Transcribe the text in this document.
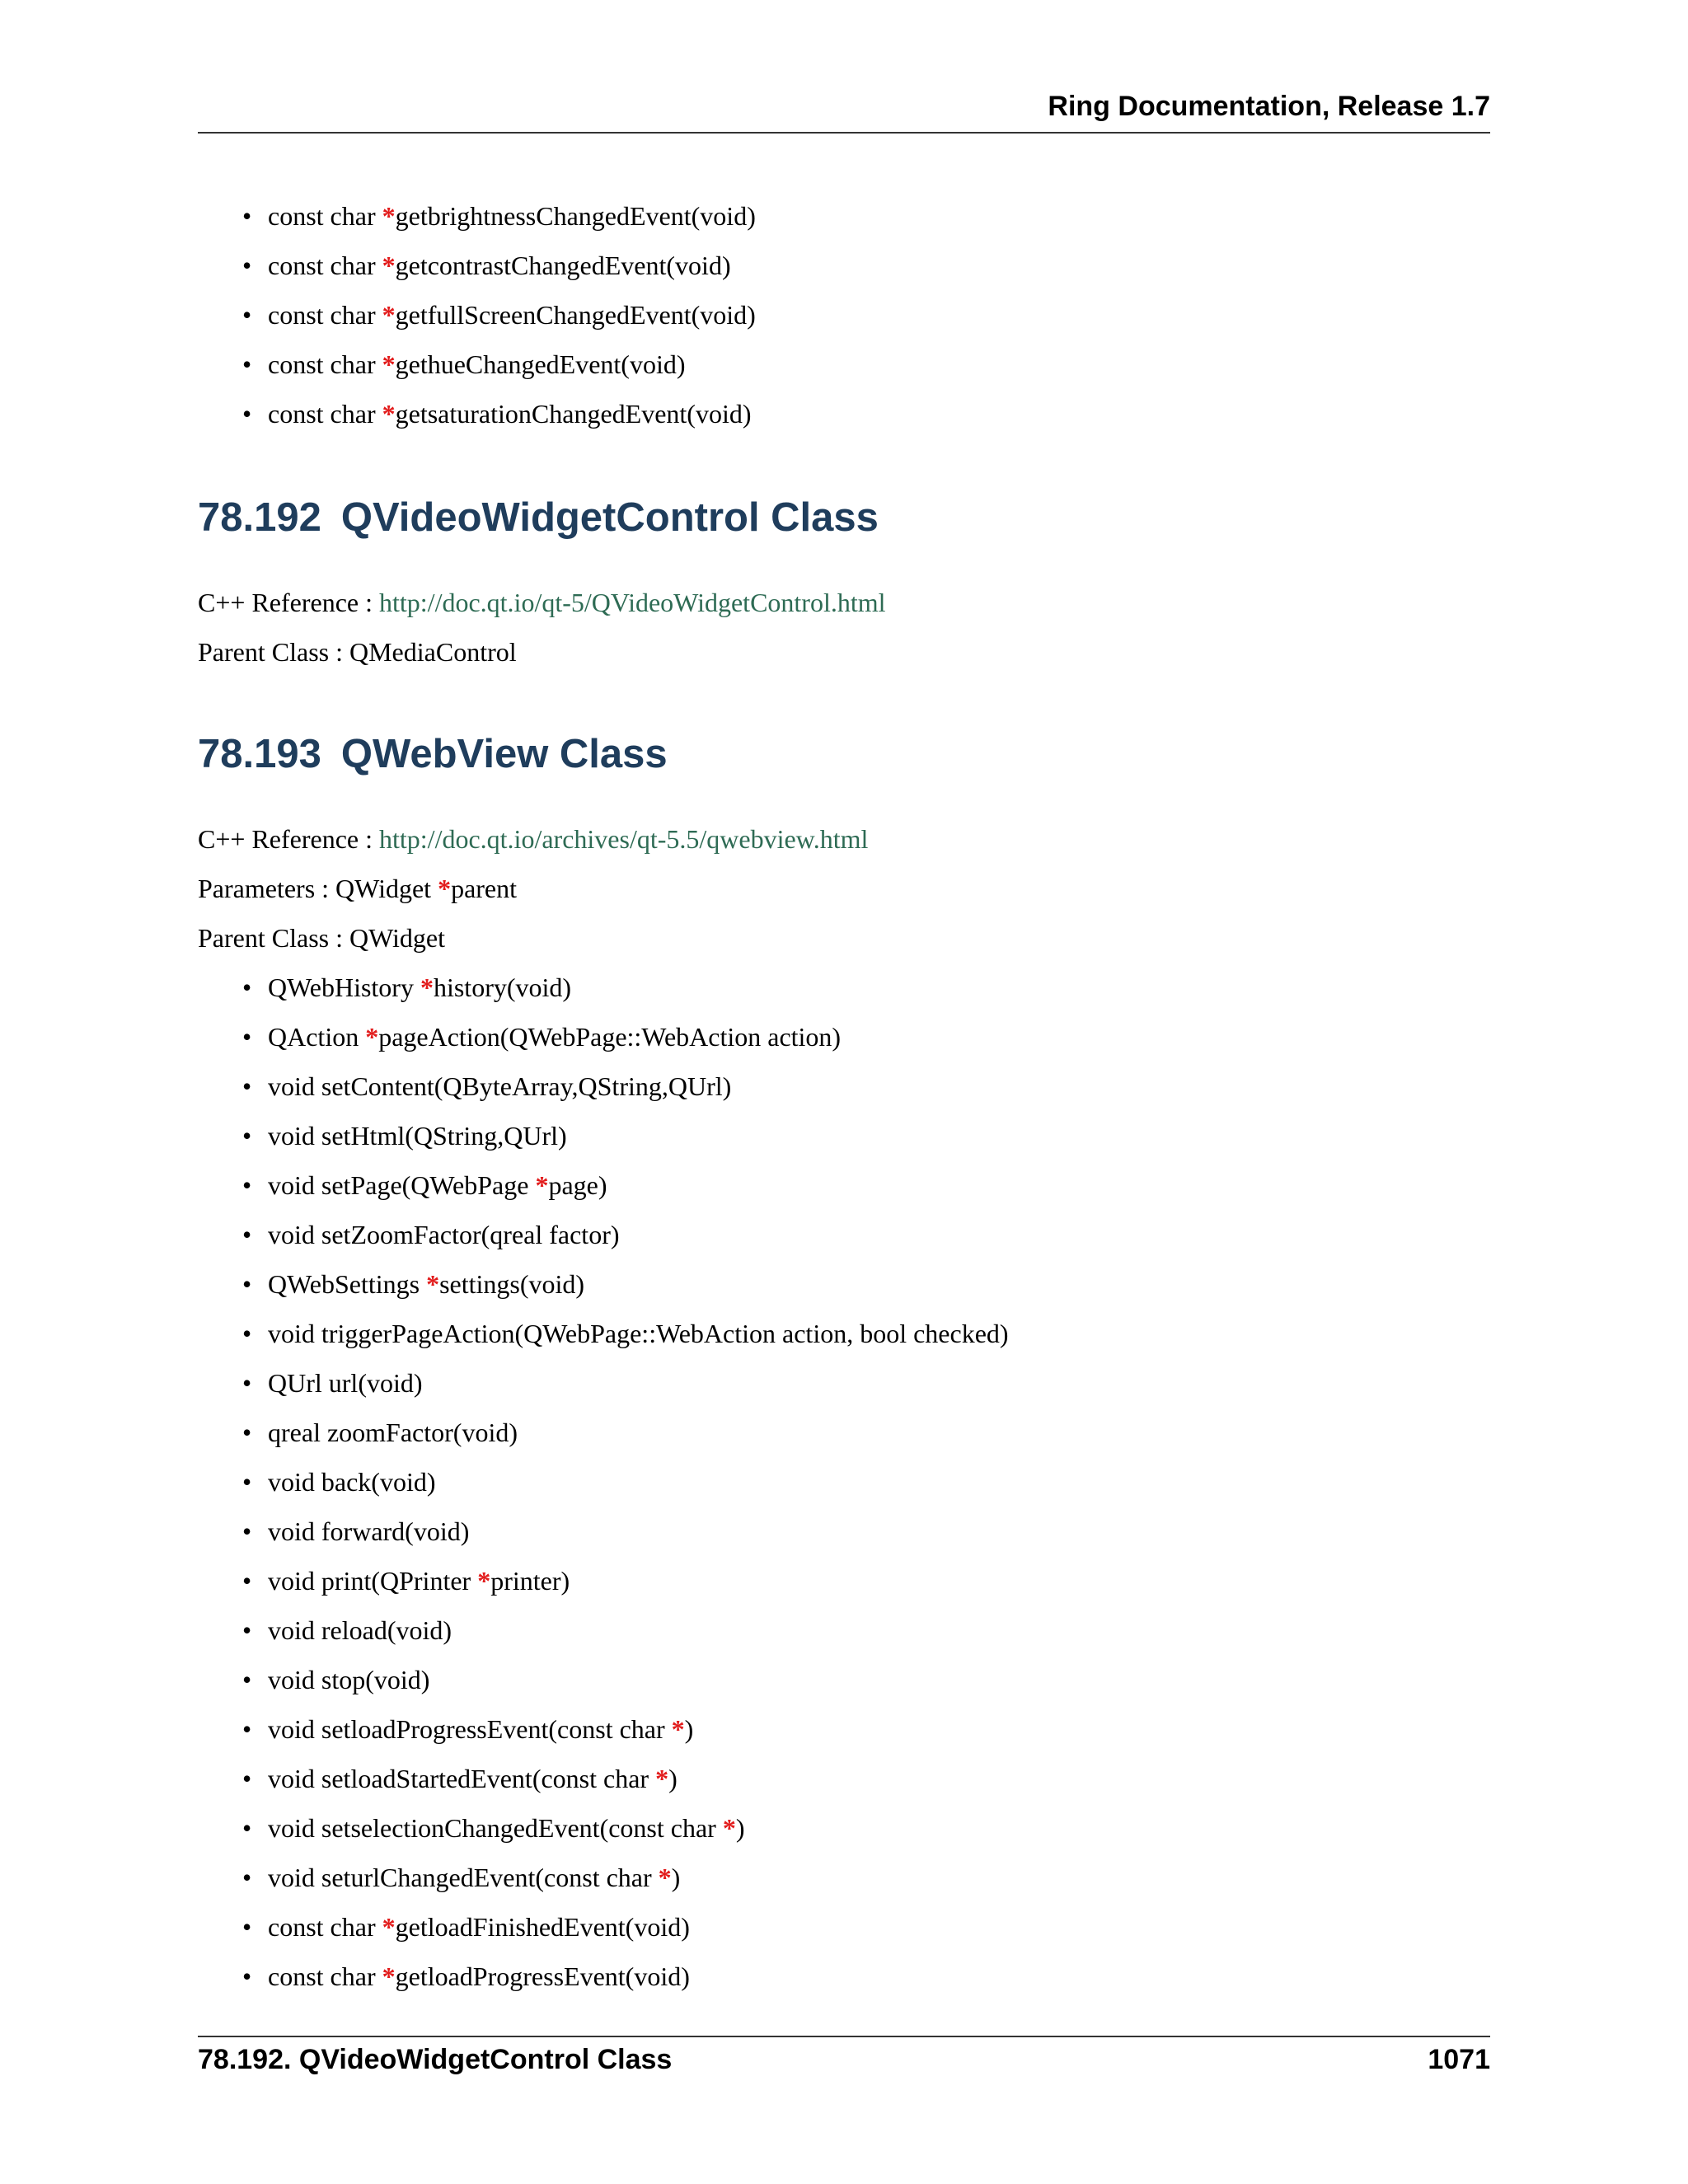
Ring Documentation, Release 1.7
• const char *getbrightnessChangedEvent(void)
• const char *getcontrastChangedEvent(void)
• const char *getfullScreenChangedEvent(void)
• const char *gethueChangedEvent(void)
• const char *getsaturationChangedEvent(void)
78.192 QVideoWidgetControl Class

C++ Reference : http://doc.qt.io/qt-5/QVideoWidgetControl.html

Parent Class : QMediaControl

78.193 QWebView Class

C++ Reference : http://doc.qt.io/archives/qt-5.5/qwebview.html

Parameters : QWidget *parent

Parent Class : QWidget

• QWebHistory *history(void)
• QAction *pageAction(QWebPage::WebAction action)
• void setContent(QByteArray,QString,QUrl)
• void setHtml(QString,QUrl)
• void setPage(QWebPage *page)
• void setZoomFactor(qreal factor)
• QWebSettings *settings(void)
• void triggerPageAction(QWebPage::WebAction action, bool checked)
• QUrl url(void)
• qreal zoomFactor(void)
• void back(void)
• void forward(void)
• void print(QPrinter *printer)
• void reload(void)
• void stop(void)
• void setloadProgressEvent(const char *)
• void setloadStartedEvent(const char *)
• void setselectionChangedEvent(const char *)
• void seturlChangedEvent(const char *)
• const char *getloadFinishedEvent(void)
• const char *getloadProgressEvent(void)
78.192. QVideoWidgetControl Class	1071
